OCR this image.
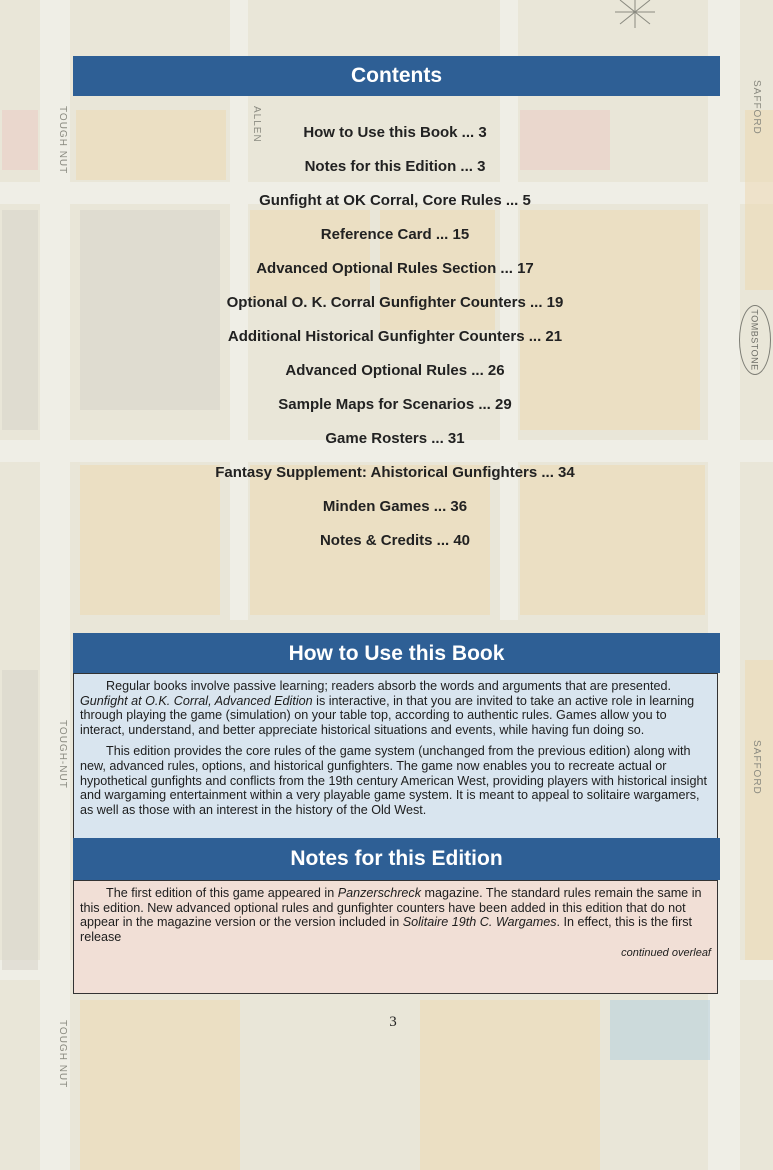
TOUGH NUT
TOUGH-NUT
TOUGH NUT
SAFFORD
SAFFORD
ALLEN
TOMBSTONE
Contents
How to Use this Book ... 3
Notes for this Edition ... 3
Gunfight at OK Corral, Core Rules ... 5
Reference Card ... 15
Advanced Optional Rules Section ... 17
Optional O. K. Corral Gunfighter Counters ... 19
Additional Historical Gunfighter Counters ... 21
Advanced Optional Rules ... 26
Sample Maps for Scenarios ... 29
Game Rosters ... 31
Fantasy Supplement: Ahistorical Gunfighters ... 34
Minden Games ... 36
Notes & Credits ... 40
How to Use this Book

Regular books involve passive learning; readers absorb the words and arguments that are presented. Gunfight at O.K. Corral, Advanced Edition is interactive, in that you are invited to take an active role in learning through playing the game (simulation) on your table top, according to authentic rules. Games allow you to interact, understand, and better appreciate historical situations and events, while having fun doing so.

This edition provides the core rules of the game system (unchanged from the previous edition) along with new, advanced rules, options, and historical gunfighters. The game now enables you to recreate actual or hypothetical gunfights and conflicts from the 19th century American West, providing players with historical insight and wargaming entertainment within a very playable game system. It is meant to appeal to solitaire wargamers, as well as those with an interest in the history of the Old West.

Notes for this Edition

The first edition of this game appeared in Panzerschreck magazine. The standard rules remain the same in this edition. New advanced optional rules and gunfighter counters have been added in this edition that do not appear in the magazine version or the version included in Solitaire 19th C. Wargames. In effect, this is the first release

continued overleaf
3
